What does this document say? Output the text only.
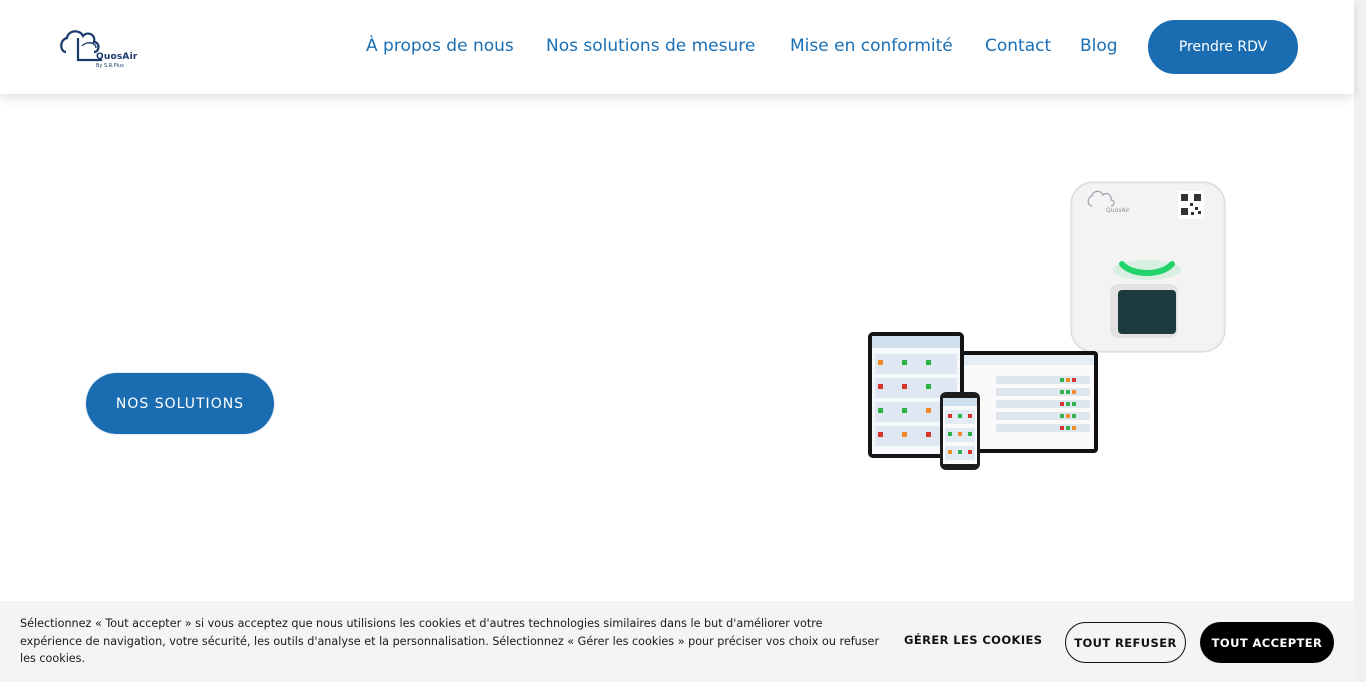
QuosAir
By S.R.Plus
À propos de nous Nos solutions de mesure Mise en conformité Contact Blog	Prendre RDV
NOS SOLUTIONS
QuosAir
Sélectionnez « Tout accepter » si vous acceptez que nous utilisions les cookies et d'autres technologies similaires dans le but d'améliorer votre expérience de navigation, votre sécurité, les outils d'analyse et la personnalisation. Sélectionnez « Gérer les cookies » pour préciser vos choix ou refuser les cookies.
GÉRER LES COOKIES	TOUT REFUSER	TOUT ACCEPTER
